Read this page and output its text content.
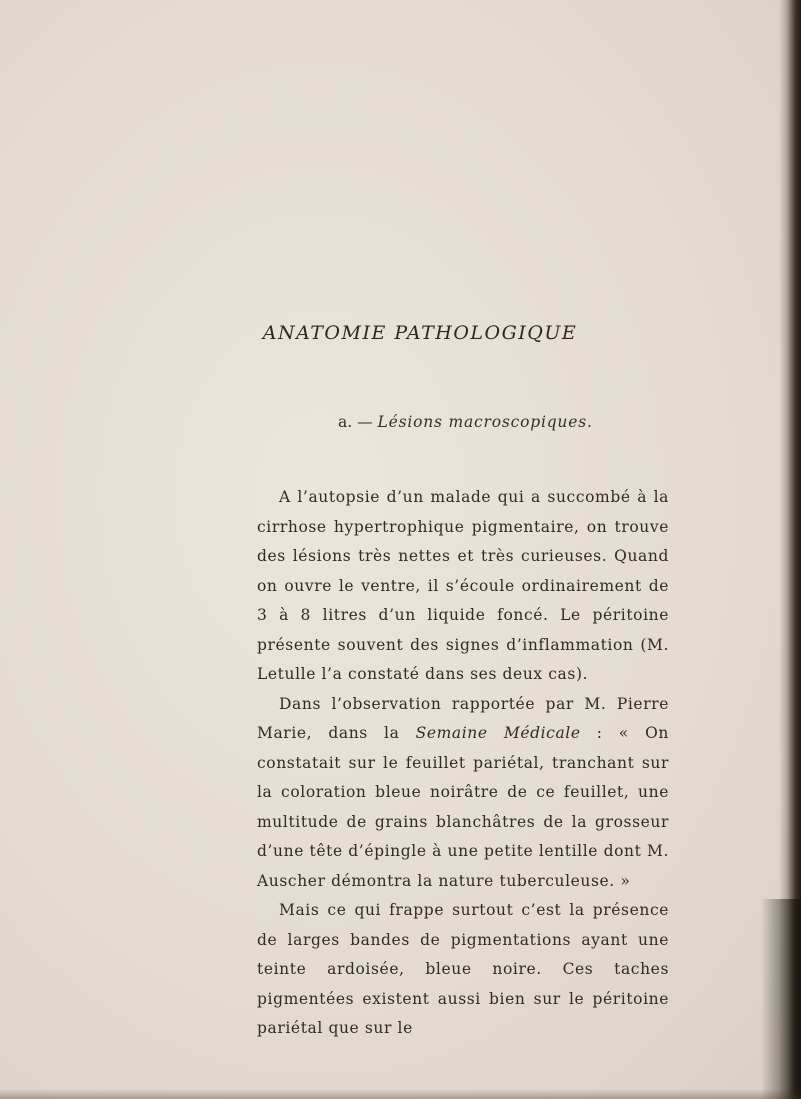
ANATOMIE PATHOLOGIQUE
a. — Lésions macroscopiques.

A l’autopsie d’un malade qui a succombé à la cirrhose hypertrophique pigmentaire, on trouve des lésions très nettes et très curieuses. Quand on ouvre le ventre, il s’écoule ordinairement de 3 à 8 litres d’un liquide foncé. Le péritoine présente souvent des signes d’inflammation (M. Letulle l’a constaté dans ses deux cas).

Dans l’observation rapportée par M. Pierre Marie, dans la Semaine Médicale : « On constatait sur le feuillet pariétal, tranchant sur la coloration bleue noirâtre de ce feuillet, une multitude de grains blanchâtres de la grosseur d’une tête d’épingle à une petite lentille dont M. Auscher démontra la nature tuberculeuse. »

Mais ce qui frappe surtout c’est la présence de larges bandes de pigmentations ayant une teinte ardoisée, bleue noire. Ces taches pigmentées existent aussi bien sur le péritoine pariétal que sur le
